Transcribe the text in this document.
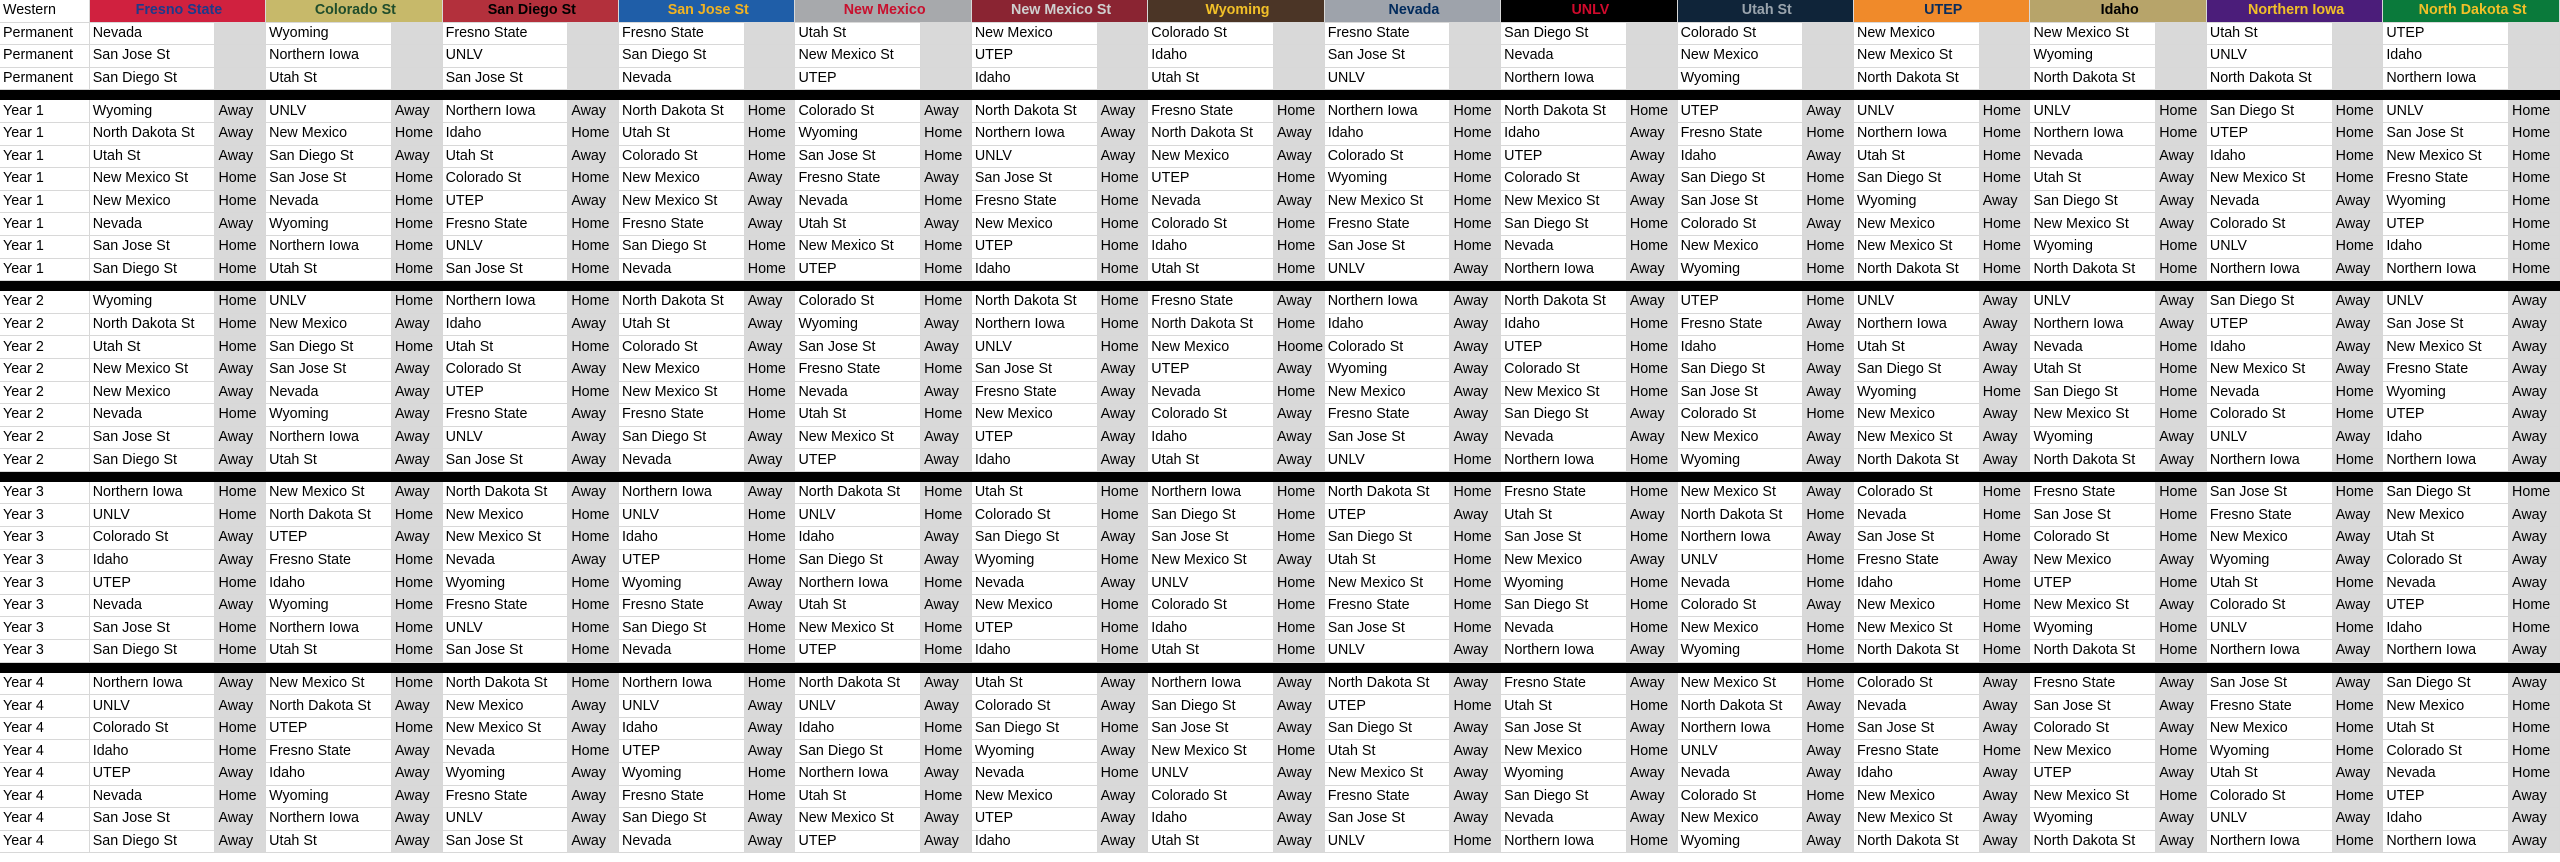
Western	Fresno State		Colorado St		San Diego St		San Jose St		New Mexico		New Mexico St		Wyoming		Nevada		UNLV		Utah St		UTEP		Idaho		Northern Iowa		North Dakota St	
Permanent	Nevada		Wyoming		Fresno State		Fresno State		Utah St		New Mexico		Colorado St		Fresno State		San Diego St		Colorado St		New Mexico		New Mexico St		Utah St		UTEP	
Permanent	San Jose St		Northern Iowa		UNLV		San Diego St		New Mexico St		UTEP		Idaho		San Jose St		Nevada		New Mexico		New Mexico St		Wyoming		UNLV		Idaho	
Permanent	San Diego St		Utah St		San Jose St		Nevada		UTEP		Idaho		Utah St		UNLV		Northern Iowa		Wyoming		North Dakota St		North Dakota St		North Dakota St		Northern Iowa	

Year 1	Wyoming	Away	UNLV	Away	Northern Iowa	Away	North Dakota St	Home	Colorado St	Away	North Dakota St	Away	Fresno State	Home	Northern Iowa	Home	North Dakota St	Home	UTEP	Away	UNLV	Home	UNLV	Home	San Diego St	Home	UNLV	Home
Year 1	North Dakota St	Away	New Mexico	Home	Idaho	Home	Utah St	Home	Wyoming	Home	Northern Iowa	Away	North Dakota St	Away	Idaho	Home	Idaho	Away	Fresno State	Home	Northern Iowa	Home	Northern Iowa	Home	UTEP	Home	San Jose St	Home
Year 1	Utah St	Away	San Diego St	Away	Utah St	Away	Colorado St	Home	San Jose St	Home	UNLV	Away	New Mexico	Away	Colorado St	Home	UTEP	Away	Idaho	Away	Utah St	Home	Nevada	Away	Idaho	Home	New Mexico St	Home
Year 1	New Mexico St	Home	San Jose St	Home	Colorado St	Home	New Mexico	Away	Fresno State	Away	San Jose St	Home	UTEP	Home	Wyoming	Home	Colorado St	Away	San Diego St	Home	San Diego St	Home	Utah St	Away	New Mexico St	Home	Fresno State	Home
Year 1	New Mexico	Home	Nevada	Home	UTEP	Away	New Mexico St	Away	Nevada	Home	Fresno State	Home	Nevada	Away	New Mexico St	Home	New Mexico St	Away	San Jose St	Home	Wyoming	Away	San Diego St	Away	Nevada	Away	Wyoming	Home
Year 1	Nevada	Away	Wyoming	Home	Fresno State	Home	Fresno State	Away	Utah St	Away	New Mexico	Home	Colorado St	Home	Fresno State	Home	San Diego St	Home	Colorado St	Away	New Mexico	Home	New Mexico St	Away	Colorado St	Away	UTEP	Home
Year 1	San Jose St	Home	Northern Iowa	Home	UNLV	Home	San Diego St	Home	New Mexico St	Home	UTEP	Home	Idaho	Home	San Jose St	Home	Nevada	Home	New Mexico	Home	New Mexico St	Home	Wyoming	Home	UNLV	Home	Idaho	Home
Year 1	San Diego St	Home	Utah St	Home	San Jose St	Home	Nevada	Home	UTEP	Home	Idaho	Home	Utah St	Home	UNLV	Away	Northern Iowa	Away	Wyoming	Home	North Dakota St	Home	North Dakota St	Home	Northern Iowa	Away	Northern Iowa	Home

Year 2	Wyoming	Home	UNLV	Home	Northern Iowa	Home	North Dakota St	Away	Colorado St	Home	North Dakota St	Home	Fresno State	Away	Northern Iowa	Away	North Dakota St	Away	UTEP	Home	UNLV	Away	UNLV	Away	San Diego St	Away	UNLV	Away
Year 2	North Dakota St	Home	New Mexico	Away	Idaho	Away	Utah St	Away	Wyoming	Away	Northern Iowa	Home	North Dakota St	Home	Idaho	Away	Idaho	Home	Fresno State	Away	Northern Iowa	Away	Northern Iowa	Away	UTEP	Away	San Jose St	Away
Year 2	Utah St	Home	San Diego St	Home	Utah St	Home	Colorado St	Away	San Jose St	Away	UNLV	Home	New Mexico	Hoome	Colorado St	Away	UTEP	Home	Idaho	Home	Utah St	Away	Nevada	Home	Idaho	Away	New Mexico St	Away
Year 2	New Mexico St	Away	San Jose St	Away	Colorado St	Away	New Mexico	Home	Fresno State	Home	San Jose St	Away	UTEP	Away	Wyoming	Away	Colorado St	Home	San Diego St	Away	San Diego St	Away	Utah St	Home	New Mexico St	Away	Fresno State	Away
Year 2	New Mexico	Away	Nevada	Away	UTEP	Home	New Mexico St	Home	Nevada	Away	Fresno State	Away	Nevada	Home	New Mexico	Away	New Mexico St	Home	San Jose St	Away	Wyoming	Home	San Diego St	Home	Nevada	Home	Wyoming	Away
Year 2	Nevada	Home	Wyoming	Away	Fresno State	Away	Fresno State	Home	Utah St	Home	New Mexico	Away	Colorado St	Away	Fresno State	Away	San Diego St	Away	Colorado St	Home	New Mexico	Away	New Mexico St	Home	Colorado St	Home	UTEP	Away
Year 2	San Jose St	Away	Northern Iowa	Away	UNLV	Away	San Diego St	Away	New Mexico St	Away	UTEP	Away	Idaho	Away	San Jose St	Away	Nevada	Away	New Mexico	Away	New Mexico St	Away	Wyoming	Away	UNLV	Away	Idaho	Away
Year 2	San Diego St	Away	Utah St	Away	San Jose St	Away	Nevada	Away	UTEP	Away	Idaho	Away	Utah St	Away	UNLV	Home	Northern Iowa	Home	Wyoming	Away	North Dakota St	Away	North Dakota St	Away	Northern Iowa	Home	Northern Iowa	Away

Year 3	Northern Iowa	Home	New Mexico St	Away	North Dakota St	Away	Northern Iowa	Away	North Dakota St	Home	Utah St	Home	Northern Iowa	Home	North Dakota St	Home	Fresno State	Home	New Mexico St	Away	Colorado St	Home	Fresno State	Home	San Jose St	Home	San Diego St	Home
Year 3	UNLV	Home	North Dakota St	Home	New Mexico	Home	UNLV	Home	UNLV	Home	Colorado St	Home	San Diego St	Home	UTEP	Away	Utah St	Away	North Dakota St	Home	Nevada	Home	San Jose St	Home	Fresno State	Away	New Mexico	Away
Year 3	Colorado St	Away	UTEP	Away	New Mexico St	Home	Idaho	Home	Idaho	Away	San Diego St	Away	San Jose St	Home	San Diego St	Home	San Jose St	Home	Northern Iowa	Away	San Jose St	Home	Colorado St	Home	New Mexico	Away	Utah St	Away
Year 3	Idaho	Away	Fresno State	Home	Nevada	Away	UTEP	Home	San Diego St	Away	Wyoming	Home	New Mexico St	Away	Utah St	Home	New Mexico	Away	UNLV	Home	Fresno State	Away	New Mexico	Away	Wyoming	Away	Colorado St	Away
Year 3	UTEP	Home	Idaho	Home	Wyoming	Home	Wyoming	Away	Northern Iowa	Home	Nevada	Away	UNLV	Home	New Mexico St	Home	Wyoming	Home	Nevada	Home	Idaho	Home	UTEP	Home	Utah St	Home	Nevada	Away
Year 3	Nevada	Away	Wyoming	Home	Fresno State	Home	Fresno State	Away	Utah St	Away	New Mexico	Home	Colorado St	Home	Fresno State	Home	San Diego St	Home	Colorado St	Away	New Mexico	Home	New Mexico St	Away	Colorado St	Away	UTEP	Home
Year 3	San Jose St	Home	Northern Iowa	Home	UNLV	Home	San Diego St	Home	New Mexico St	Home	UTEP	Home	Idaho	Home	San Jose St	Home	Nevada	Home	New Mexico	Home	New Mexico St	Home	Wyoming	Home	UNLV	Home	Idaho	Home
Year 3	San Diego St	Home	Utah St	Home	San Jose St	Home	Nevada	Home	UTEP	Home	Idaho	Home	Utah St	Home	UNLV	Away	Northern Iowa	Away	Wyoming	Home	North Dakota St	Home	North Dakota St	Home	Northern Iowa	Away	Northern Iowa	Away

Year 4	Northern Iowa	Away	New Mexico St	Home	North Dakota St	Home	Northern Iowa	Home	North Dakota St	Away	Utah St	Away	Northern Iowa	Away	North Dakota St	Away	Fresno State	Away	New Mexico St	Home	Colorado St	Away	Fresno State	Away	San Jose St	Away	San Diego St	Away
Year 4	UNLV	Away	North Dakota St	Away	New Mexico	Away	UNLV	Away	UNLV	Away	Colorado St	Away	San Diego St	Away	UTEP	Home	Utah St	Home	North Dakota St	Away	Nevada	Away	San Jose St	Away	Fresno State	Home	New Mexico	Home
Year 4	Colorado St	Home	UTEP	Home	New Mexico St	Away	Idaho	Away	Idaho	Home	San Diego St	Home	San Jose St	Away	San Diego St	Away	San Jose St	Away	Northern Iowa	Home	San Jose St	Away	Colorado St	Away	New Mexico	Home	Utah St	Home
Year 4	Idaho	Home	Fresno State	Away	Nevada	Home	UTEP	Away	San Diego St	Home	Wyoming	Away	New Mexico St	Home	Utah St	Away	New Mexico	Home	UNLV	Away	Fresno State	Home	New Mexico	Home	Wyoming	Home	Colorado St	Home
Year 4	UTEP	Away	Idaho	Away	Wyoming	Away	Wyoming	Home	Northern Iowa	Away	Nevada	Home	UNLV	Away	New Mexico St	Away	Wyoming	Away	Nevada	Away	Idaho	Away	UTEP	Away	Utah St	Away	Nevada	Home
Year 4	Nevada	Home	Wyoming	Away	Fresno State	Away	Fresno State	Home	Utah St	Home	New Mexico	Away	Colorado St	Away	Fresno State	Away	San Diego St	Away	Colorado St	Home	New Mexico	Away	New Mexico St	Home	Colorado St	Home	UTEP	Away
Year 4	San Jose St	Away	Northern Iowa	Away	UNLV	Away	San Diego St	Away	New Mexico St	Away	UTEP	Away	Idaho	Away	San Jose St	Away	Nevada	Away	New Mexico	Away	New Mexico St	Away	Wyoming	Away	UNLV	Away	Idaho	Away
Year 4	San Diego St	Away	Utah St	Away	San Jose St	Away	Nevada	Away	UTEP	Away	Idaho	Away	Utah St	Away	UNLV	Home	Northern Iowa	Home	Wyoming	Away	North Dakota St	Away	North Dakota St	Away	Northern Iowa	Home	Northern Iowa	Away
